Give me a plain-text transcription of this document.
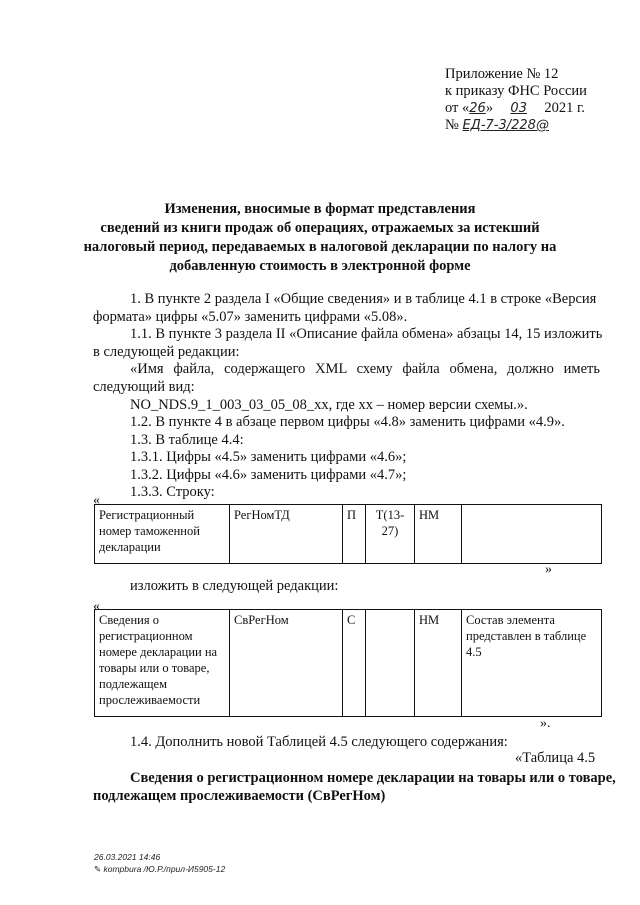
Приложение № 12
к приказу ФНС России
от «26» 03 2021 г.
№ ЕД-7-3/228@
Изменения, вносимые в формат представления
сведений из книги продаж об операциях, отражаемых за истекший
налоговый период, передаваемых в налоговой декларации по налогу на
добавленную стоимость в электронной форме
1. В пункте 2 раздела I «Общие сведения» и в таблице 4.1 в строке «Версия
формата» цифры «5.07» заменить цифрами «5.08».
1.1. В пункте 3 раздела II «Описание файла обмена» абзацы 14, 15 изложить
в следующей редакции:
«Имя файла, содержащего XML схему файла обмена, должно иметь
следующий вид:
NO_NDS.9_1_003_03_05_08_xx, где xx – номер версии схемы.».
1.2. В пункте 4 в абзаце первом цифры «4.8» заменить цифрами «4.9».
1.3. В таблице 4.4:
1.3.1. Цифры «4.5» заменить цифрами «4.6»;
1.3.2. Цифры «4.6» заменить цифрами «4.7»;
1.3.3. Строку:
«
Регистрационный номер таможенной декларации	РегНомТД	П	T(13-27)	НМ	
»
изложить в следующей редакции:
«
Сведения о регистрационном номере декларации на товары или о товаре, подлежащем прослеживаемости	СвРегНом	С		НМ	Состав элемента представлен в таблице 4.5
».
1.4. Дополнить новой Таблицей 4.5 следующего содержания:
«Таблица 4.5
Сведения о регистрационном номере декларации на товары или о товаре,
подлежащем прослеживаемости (СвРегНом)
26.03.2021 14:46
✎ kompbura /Ю.Р./прил-И5905-12
